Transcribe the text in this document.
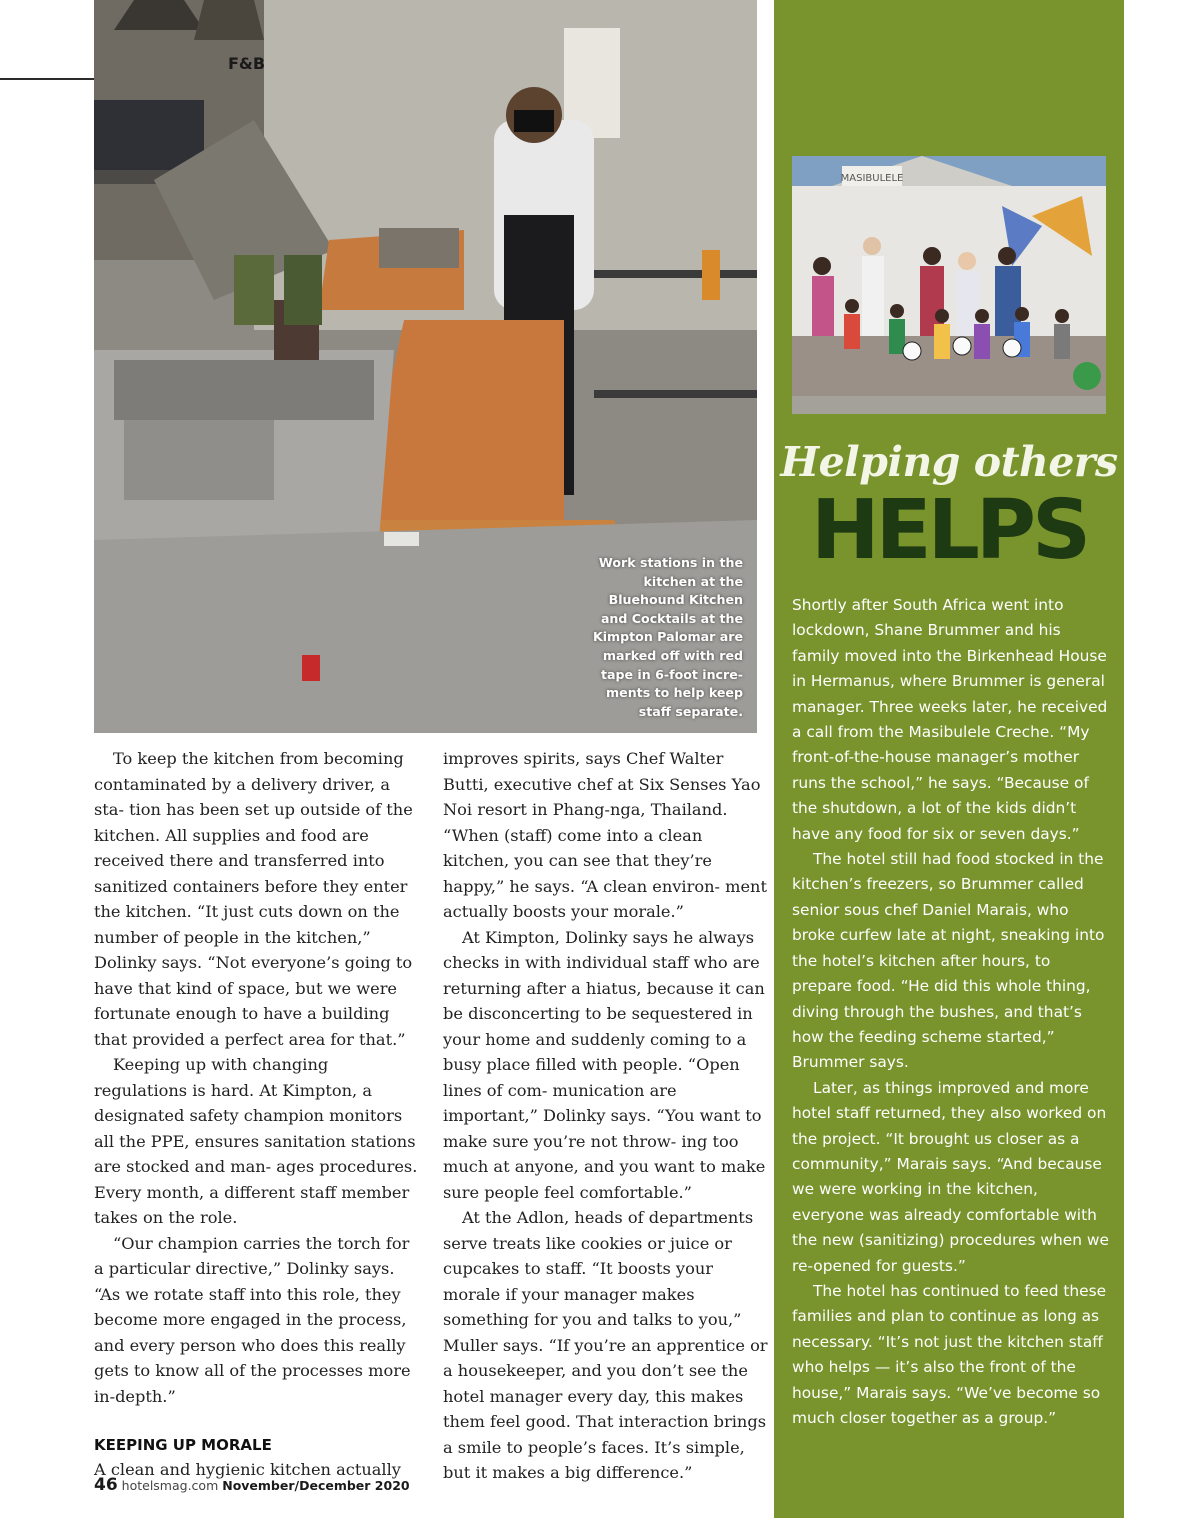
F&B
Work stations in the kitchen at the Bluehound Kitchen and Cocktails at the Kimpton Palomar are marked off with red tape in 6-foot incre- ments to help keep staff separate.

To keep the kitchen from becoming contaminated by a delivery driver, a sta- tion has been set up outside of the kitchen. All supplies and food are received there and transferred into sanitized containers before they enter the kitchen. “It just cuts down on the number of people in the kitchen,” Dolinky says. “Not everyone’s going to have that kind of space, but we were fortunate enough to have a building that provided a perfect area for that.”

Keeping up with changing regulations is hard. At Kimpton, a designated safety champion monitors all the PPE, ensures sanitation stations are stocked and man- ages procedures. Every month, a different staff member takes on the role.

“Our champion carries the torch for a particular directive,” Dolinky says. “As we rotate staff into this role, they become more engaged in the process, and every person who does this really gets to know all of the processes more in-depth.”

KEEPING UP MORALE

A clean and hygienic kitchen actually

improves spirits, says Chef Walter Butti, executive chef at Six Senses Yao Noi resort in Phang-nga, Thailand. “When (staff) come into a clean kitchen, you can see that they’re happy,” he says. “A clean environ- ment actually boosts your morale.”

At Kimpton, Dolinky says he always checks in with individual staff who are returning after a hiatus, because it can be disconcerting to be sequestered in your home and suddenly coming to a busy place filled with people. “Open lines of com- munication are important,” Dolinky says. “You want to make sure you’re not throw- ing too much at anyone, and you want to make sure people feel comfortable.”

At the Adlon, heads of departments serve treats like cookies or juice or cupcakes to staff. “It boosts your morale if your manager makes something for you and talks to you,” Muller says. “If you’re an apprentice or a housekeeper, and you don’t see the hotel manager every day, this makes them feel good. That interaction brings a smile to people’s faces. It’s simple, but it makes a big difference.”

MASIBULELE
Helping others
HELPS

Shortly after South Africa went into lockdown, Shane Brummer and his family moved into the Birkenhead House in Hermanus, where Brummer is general manager. Three weeks later, he received a call from the Masibulele Creche. “My front-of-the-house manager’s mother runs the school,” he says. “Because of the shutdown, a lot of the kids didn’t have any food for six or seven days.”

The hotel still had food stocked in the kitchen’s freezers, so Brummer called senior sous chef Daniel Marais, who broke curfew late at night, sneaking into the hotel’s kitchen after hours, to prepare food. “He did this whole thing, diving through the bushes, and that’s how the feeding scheme started,” Brummer says.

Later, as things improved and more hotel staff returned, they also worked on the project. “It brought us closer as a community,” Marais says. “And because we were working in the kitchen, everyone was already comfortable with the new (sanitizing) procedures when we re-opened for guests.”

The hotel has continued to feed these families and plan to continue as long as necessary. “It’s not just the kitchen staff who helps — it’s also the front of the house,” Marais says. “We’ve become so much closer together as a group.”

46 hotelsmag.com November/December 2020
